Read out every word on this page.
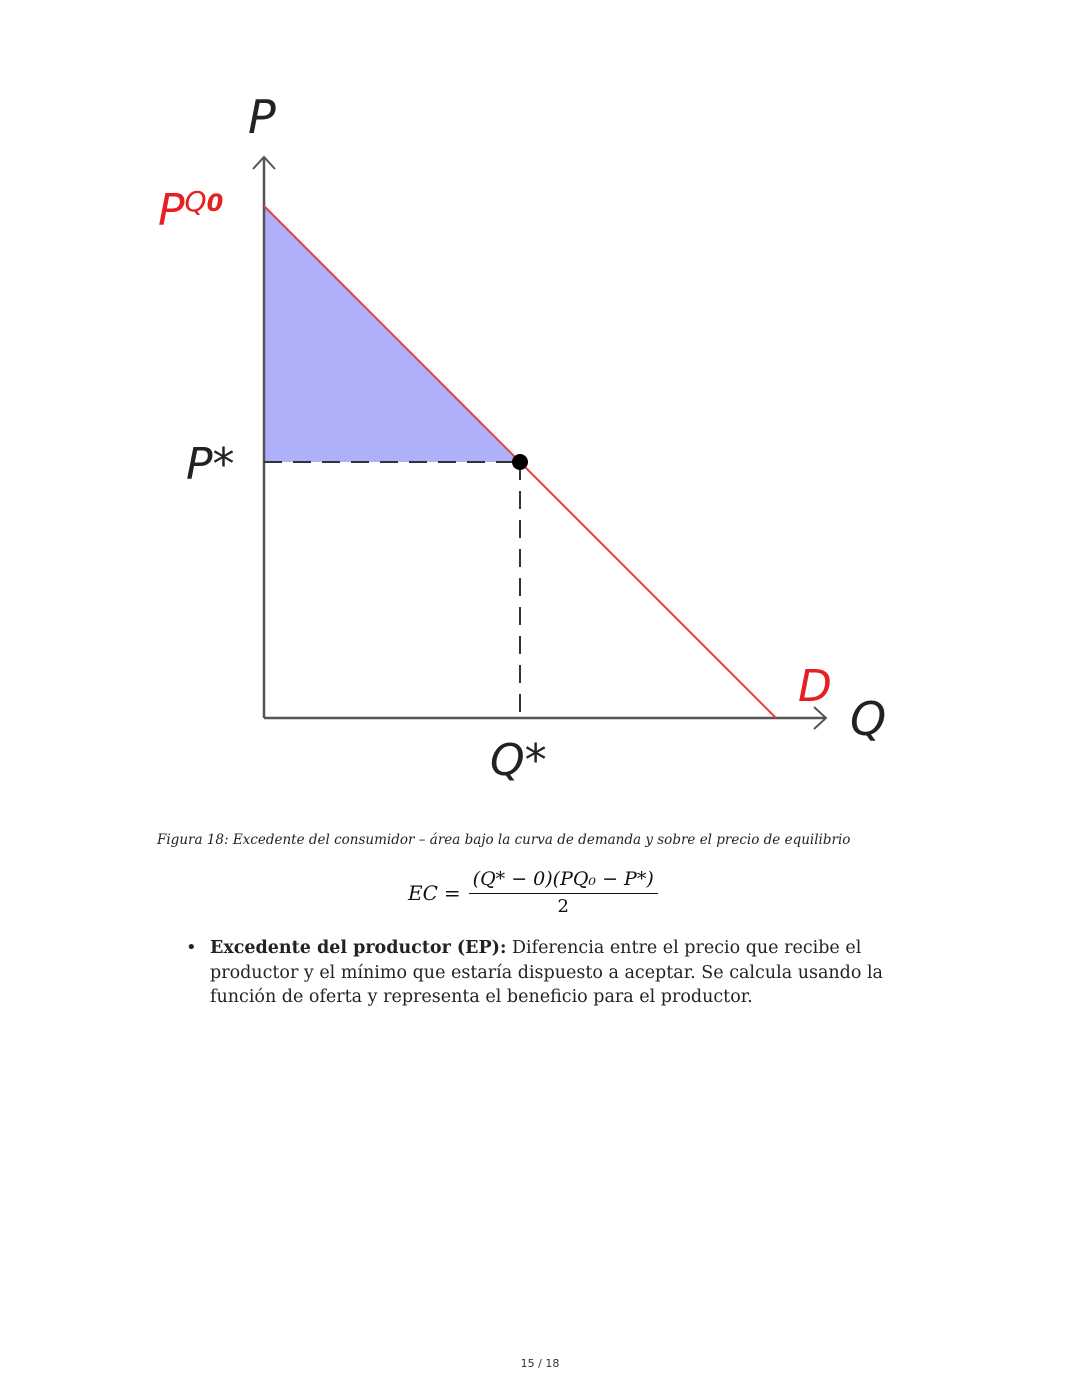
P
Q
$P^Q0$
P*
Q*
D
Figura 18: Excedente del consumidor – área bajo la curva de demanda y sobre el precio de equilibrio
EC = $\frac{\text{(Q* − 0)(PQ₀ − P*)}}{2}$
• Excedente del productor (EP): Diferencia entre el precio que recibe el productor y el mínimo que estaría dispuesto a aceptar. Se calcula usando la función de oferta y representa el beneficio para el productor.
15 / 18
